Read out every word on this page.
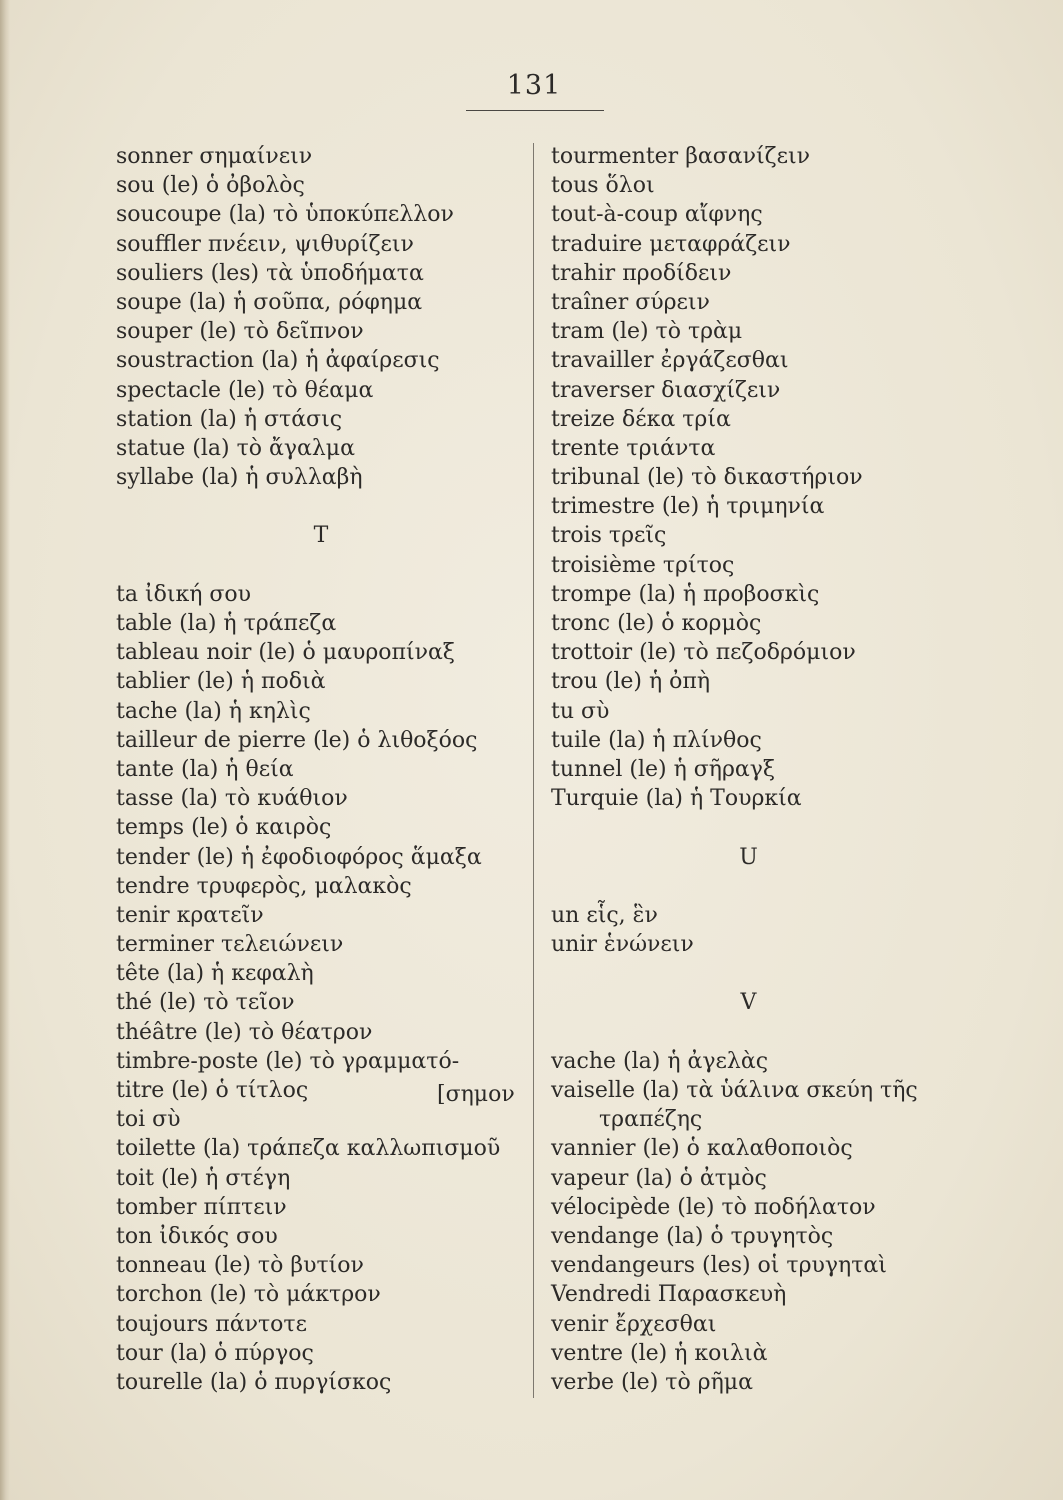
131
sonner σημαίνειν
sou (le) ὁ ὀβολὸς
soucoupe (la) τὸ ὑποκύπελλον
souffler πνέειν, ψιθυρίζειν
souliers (les) τὰ ὑποδήματα
soupe (la) ἡ σοῦπα, ρόφημα
souper (le) τὸ δεῖπνον
soustraction (la) ἡ ἀφαίρεσις
spectacle (le) τὸ θέαμα
station (la) ἡ στάσις
statue (la) τὸ ἄγαλμα
syllabe (la) ἡ συλλαβὴ
T
ta ἰδική σου
table (la) ἡ τράπεζα
tableau noir (le) ὁ μαυροπίναξ
tablier (le) ἡ ποδιὰ
tache (la) ἡ κηλὶς
tailleur de pierre (le) ὁ λιθοξόος
tante (la) ἡ θεία
tasse (la) τὸ κυάθιον
temps (le) ὁ καιρὸς
tender (le) ἡ ἐφοδιοφόρος ἅμαξα
tendre τρυφερὸς, μαλακὸς
tenir κρατεῖν
terminer τελειώνειν
tête (la) ἡ κεφαλὴ
thé (le) τὸ τεῖον
théâtre (le) τὸ θέατρον
timbre-poste (le) τὸ γραμματό-
titre (le) ὁ τίτλος
toi σὺ
toilette (la) τράπεζα καλλωπισμοῦ
toit (le) ἡ στέγη
tomber πίπτειν
ton ἰδικός σου
tonneau (le) τὸ βυτίον
torchon (le) τὸ μάκτρον
toujours πάντοτε
tour (la) ὁ πύργος
tourelle (la) ὁ πυργίσκος
[σημον
tourmenter βασανίζειν
tous ὅλοι
tout-à-coup αἴφνης
traduire μεταφράζειν
trahir προδίδειν
traîner σύρειν
tram (le) τὸ τρὰμ
travailler ἐργάζεσθαι
traverser διασχίζειν
treize δέκα τρία
trente τριάντα
tribunal (le) τὸ δικαστήριον
trimestre (le) ἡ τριμηνία
trois τρεῖς
troisième τρίτος
trompe (la) ἡ προβοσκὶς
tronc (le) ὁ κορμὸς
trottoir (le) τὸ πεζοδρόμιον
trou (le) ἡ ὀπὴ
tu σὺ
tuile (la) ἡ πλίνθος
tunnel (le) ἡ σῆραγξ
Turquie (la) ἡ Τουρκία
U
un εἷς, ἓν
unir ἑνώνειν
V
vache (la) ἡ ἀγελὰς
vaiselle (la) τὰ ὑάλινα σκεύη τῆς
τραπέζης
vannier (le) ὁ καλαθοποιὸς
vapeur (la) ὁ ἀτμὸς
vélocipède (le) τὸ ποδήλατον
vendange (la) ὁ τρυγητὸς
vendangeurs (les) οἱ τρυγηταὶ
Vendredi Παρασκευὴ
venir ἔρχεσθαι
ventre (le) ἡ κοιλιὰ
verbe (le) τὸ ρῆμα
